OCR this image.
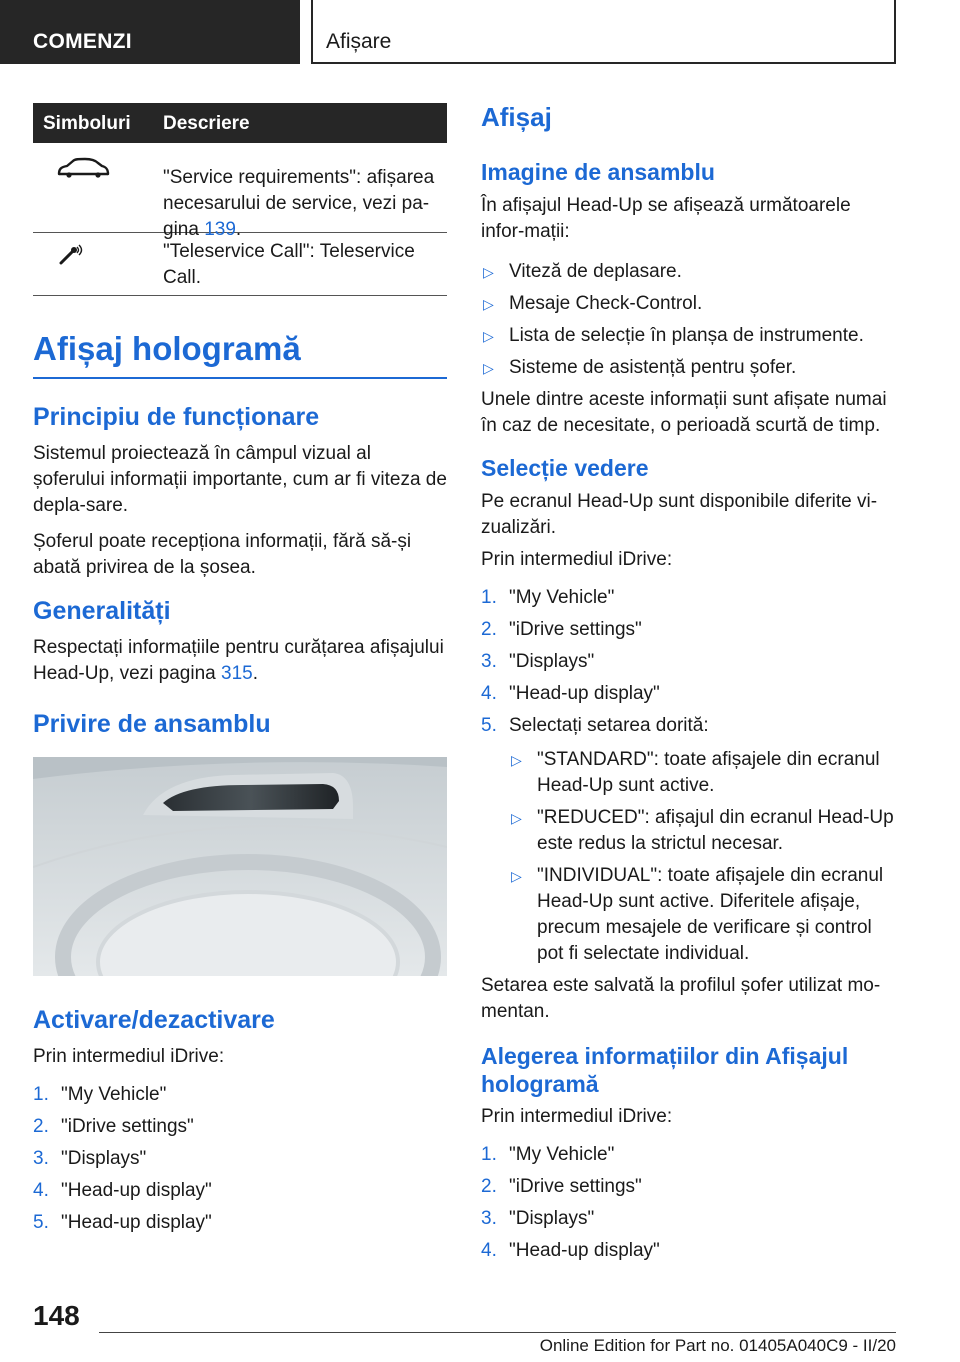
COMENZI	Afișare
Simboluri Descriere
"Service requirements": afișarea necesarului de service, vezi pa-gina 139.
"Teleservice Call": Teleservice Call.
Afișaj hologramă
Principiu de funcționare
Sistemul proiectează în câmpul vizual al șoferului informații importante, cum ar fi viteza de depla-sare.
Șoferul poate recepționa informații, fără să-și abată privirea de la șosea.
Generalități
Respectați informațiile pentru curățarea afișajului Head-Up, vezi pagina 315.
Privire de ansamblu
Activare/dezactivare
Prin intermediul iDrive:
1. "My Vehicle"
2. "iDrive settings"
3. "Displays"
4. "Head-up display"
5. "Head-up display"
Afișaj
Imagine de ansamblu
În afișajul Head-Up se afișează următoarele infor-mații:
▷ Viteză de deplasare.
▷ Mesaje Check-Control.
▷ Lista de selecție în planșa de instrumente.
▷ Sisteme de asistență pentru șofer.
Unele dintre aceste informații sunt afișate numai în caz de necesitate, o perioadă scurtă de timp.
Selecție vedere
Pe ecranul Head-Up sunt disponibile diferite vi-zualizări.
Prin intermediul iDrive:
1. "My Vehicle"
2. "iDrive settings"
3. "Displays"
4. "Head-up display"
5. Selectați setarea dorită:
▷ "STANDARD": toate afișajele din ecranul Head-Up sunt active.
▷ "REDUCED": afișajul din ecranul Head-Up este redus la strictul necesar.
▷ "INDIVIDUAL": toate afișajele din ecranul Head-Up sunt active. Diferitele afișaje, precum mesajele de verificare și control pot fi selectate individual.
Setarea este salvată la profilul șofer utilizat mo-mentan.
Alegerea informațiilor din Afișajul hologramă
Prin intermediul iDrive:
1. "My Vehicle"
2. "iDrive settings"
3. "Displays"
4. "Head-up display"
148
Online Edition for Part no. 01405A040C9 - II/20
